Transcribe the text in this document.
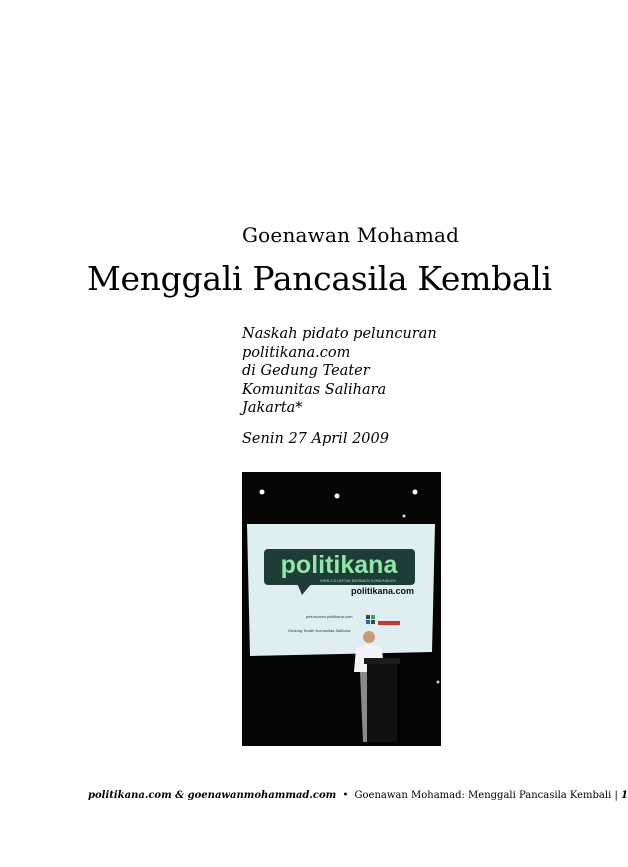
Goenawan Mohamad
Menggali Pancasila Kembali
Naskah pidato peluncuran
politikana.com
di Gedung Teater
Komunitas Salihara
Jakarta*
Senin 27 April 2009
politikana
WEB 2.0 UNTUK BERBAGI KOMUNIKASI
politikana.com
peluncuran politikana.com
Gedung Teater Komunitas Salihara
politikana.com & goenawanmohammad.com • Goenawan Mohamad: Menggali Pancasila Kembali | 1
